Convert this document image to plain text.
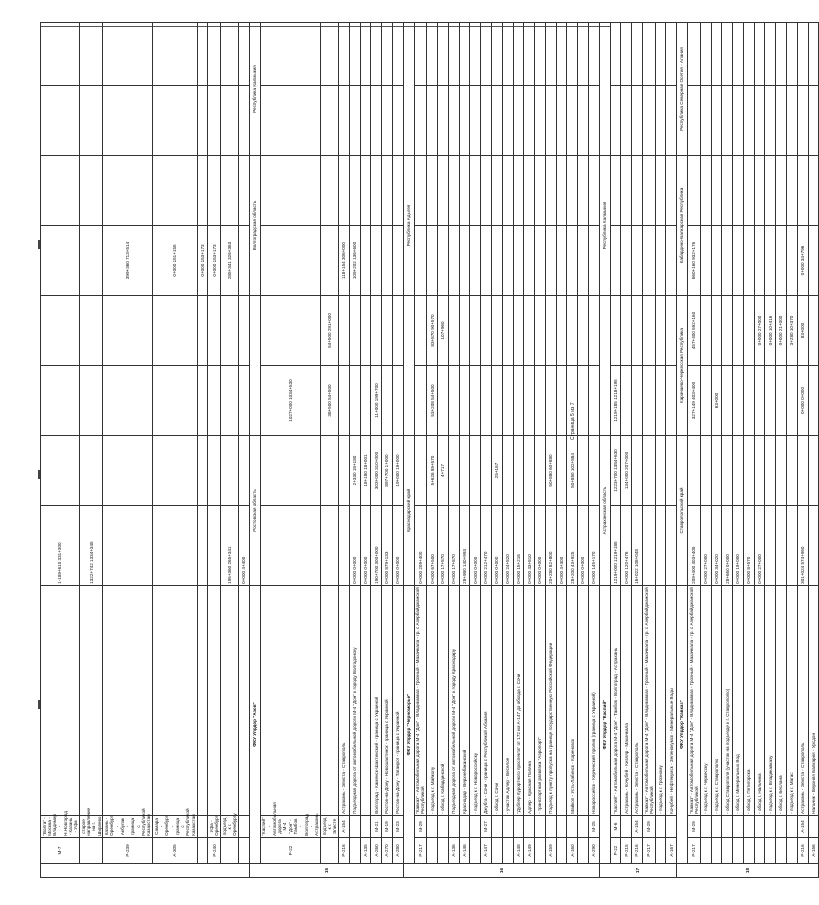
	М-7	"Волга" - Москва - Владимир - Н.Новгород - Казань - Уфа		1-189+610 331+300							
		старое направление на г. Ширяево		1322+742 1334+345							
	Р-239	Казань - Оренбург - Акбулак - граница с Республикой Казахстан						399+360 713+514			
	А-305	Самара - Оренбург - граница с Республикой Казахстан						0+000 151+155			
								0+000 153+173			
	Р-240	Уфа - Оренбург						0+000 153+173			
		подъезд к г. Оренбургу		195+360 265+341				285+341 326+363			
				0+000 4+400							
15	ФКУ Упрдор "Азов"			Ростовская область				Волгоградская область		Республика Калмыкия	
	Р-22	"Каспий" - Автомобильная дорога М-4 "Дон" - Тамбов - Волгоград - Астрахань				1027+000 1034+530					
		подъезд к г. Элисте				38+500 54+500	54+500 291+000				
	Р-216	А-154	Астрахань - Элиста - Ставрополь					118+154 306+000			
			Подъездная дорога от автомобильной дороги М-4 "Дон" к городу Волгодонску	0+000 0+000	2+330 18+180			109+202 136+600			
	А-135			0+000 0+000	18+180 18+001						
	А-260	М-21	Волгоград - Каменск-Шахтинский - граница с Украиной	190+700 300+000	303+000 310+000	11+000 199+700					
	А-270	М-19	Ростов-на-Дону - Новошахтинск - граница с Украиной	0+000 879+133	897+700 1+000						
	А-280	М-23	Ростов-на-Дону - Таганрог - граница с Украиной	0+000 0+000	19+000 19+000						
16	ФКУ Упрдор "Черноморье"			Краснодарский край				Республика Адыгея			
	Р-217	М-29	"Кавказ" - Автомобильная дорога М-4 "Дон" - Владикавказ - Грозный - Махачкала - гр. с Азербайджанской Республикой	0+000 209+400							
			- подъезд к г. Майкопу	0+000 67+500	5+626 89+570	53+208 54+500	83+870 90+570				
			- обход г. Кабардинской	0+000 17+870	4+717		107+960				
	А-136		Подъездная дорога от автомобильной дороги М-4 "Дон" к городу Краснодару	0+000 17+870							
	А-146		Краснодар - Верхнебаканский	28+980 140+993							
			- подъезд к г. Новороссийску	0+000 0+000							
	А-147	М-27	Джубга - Сочи - граница с Республикой Абхазия	0+000 212+470							
			- обход г. Сочи	0+000 0+000	25+167						
			- участок Адлер - Веселое	0+000 24+820							
	А-148		"Дублер Курортного проспекта" от 172 км А-147 до обхода г. Сочи	0+000 15+216							
	А-149		Адлер - Красная Поляна	0+000 43+810							
			- транспортная развязка "Аэропорт"	0+000 0+000							
	А-159		Подъезд к пункту пропуска на границе государственную Российской Федерации	20+280 82+800	50+880 60+880						
				0+000 4+300							
	А-160		Майкоп - Усть-Лабинск - Кореновск	28+200 43+925	50+880 102+884						
				0+000 0+000							
	А-290	М-25	Новороссийск - Керченский пролив (граница с Украиной)	0+000 145+170							
17	ФКУ Упрдор "Каспий"			Астраханская область				Республика Калмыкия			
	Р-22	М-6	"Каспий" - Автомобильная дорога М-4 "Дон" - Тамбов - Волгоград - Астрахань	1219+000 1219+185	1223+700 1384+630	1219+185 1218+195					
	Р-215		Астрахань - Кочубей - Кизляр - Махачкала	0+000 120+476	134+000 207+000						
	Р-216	А-154	Астрахань - Элиста - Ставрополь	16+022 108+048							
	Р-217	М-29	"Кавказ" - Автомобильная дорога М-4 "Дон" - Владикавказ - Грозный - Махачкала - гр. с Азербайджанской Республикой								
			- подъезд к г. Грозному								
	А-167		Кочубей - Нефтекумск - Зеленокумск - Минеральные Воды								
18	ФКУ Упрдор "Кавказ"			Ставропольский край		Карачаево-Черкесская Республика		Кабардино-Балкарская Республика		Республика Северная Осетия - Алания	
	Р-217	М-29	"Кавказ" - Автомобильная дорога М-4 "Дон" - Владикавказ - Грозный - Махачкала - гр. с Азербайджанской Республикой	209+400 403+405		327+149 403+400	457+400 592+160	660+160 932+176			
			- подъезд к г. Черкесску	0+000 27+000							
			- подъезд к г. Ставрополю	0+000 34+020		63+000					
			- обход Ставрополя (участок на подъезде к г. Ставрополю)	28+660 0+000							
			- обход г. Минеральных Вод	0+000 19+000							
			- обход г. Пятигорска	0+000 8+570							
			- обход г. Нальчика	0+000 27+000			0+000 27+000				
			- подъезд к г. Владикавказу				0+000 10+416				
			- обход г. Беслана				0+000 21+000				
			- подъезд к г. Магас				3+280 10+370				
	Р-216	А-154	Астрахань - Элиста - Ставрополь	301+024 574+950		0+000 0+000	83+000	0+000 34+796			
	А-156		Нальчик - Верхняя Балкария - Урсдон								
Страница 5 из 7
